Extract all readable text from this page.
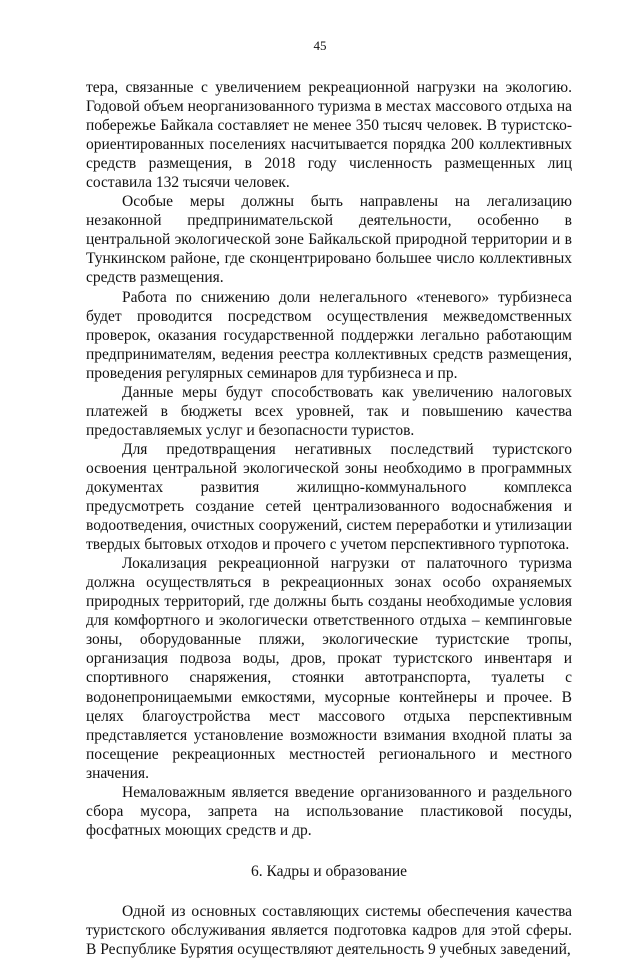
45

тера, связанные с увеличением рекреационной нагрузки на экологию. Годовой объем неорганизованного туризма в местах массового отдыха на побережье Байкала составляет не менее 350 тысяч человек. В туристско-ориентированных поселениях насчитывается порядка 200 коллективных средств размещения, в 2018 году численность размещенных лиц составила 132 тысячи человек.

Особые меры должны быть направлены на легализацию незаконной предпринимательской деятельности, особенно в центральной экологической зоне Байкальской природной территории и в Тункинском районе, где сконцентрировано большее число коллективных средств размещения.

Работа по снижению доли нелегального «теневого» турбизнеса будет проводится посредством осуществления межведомственных проверок, оказания государственной поддержки легально работающим предпринимателям, ведения реестра коллективных средств размещения, проведения регулярных семинаров для турбизнеса и пр.

Данные меры будут способствовать как увеличению налоговых платежей в бюджеты всех уровней, так и повышению качества предоставляемых услуг и безопасности туристов.

Для предотвращения негативных последствий туристского освоения центральной экологической зоны необходимо в программных документах развития жилищно-коммунального комплекса предусмотреть создание сетей централизованного водоснабжения и водоотведения, очистных сооружений, систем переработки и утилизации твердых бытовых отходов и прочего с учетом перспективного турпотока.

Локализация рекреационной нагрузки от палаточного туризма должна осуществляться в рекреационных зонах особо охраняемых природных территорий, где должны быть созданы необходимые условия для комфортного и экологически ответственного отдыха – кемпинговые зоны, оборудованные пляжи, экологические туристские тропы, организация подвоза воды, дров, прокат туристского инвентаря и спортивного снаряжения, стоянки автотранспорта, туалеты с водонепроницаемыми емкостями, мусорные контейнеры и прочее. В целях благоустройства мест массового отдыха перспективным представляется установление возможности взимания входной платы за посещение рекреационных местностей регионального и местного значения.

Немаловажным является введение организованного и раздельного сбора мусора, запрета на использование пластиковой посуды, фосфатных моющих средств и др.

6. Кадры и образование

Одной из основных составляющих системы обеспечения качества туристского обслуживания является подготовка кадров для этой сферы. В Республике Бурятия осуществляют деятельность 9 учебных заведений,
